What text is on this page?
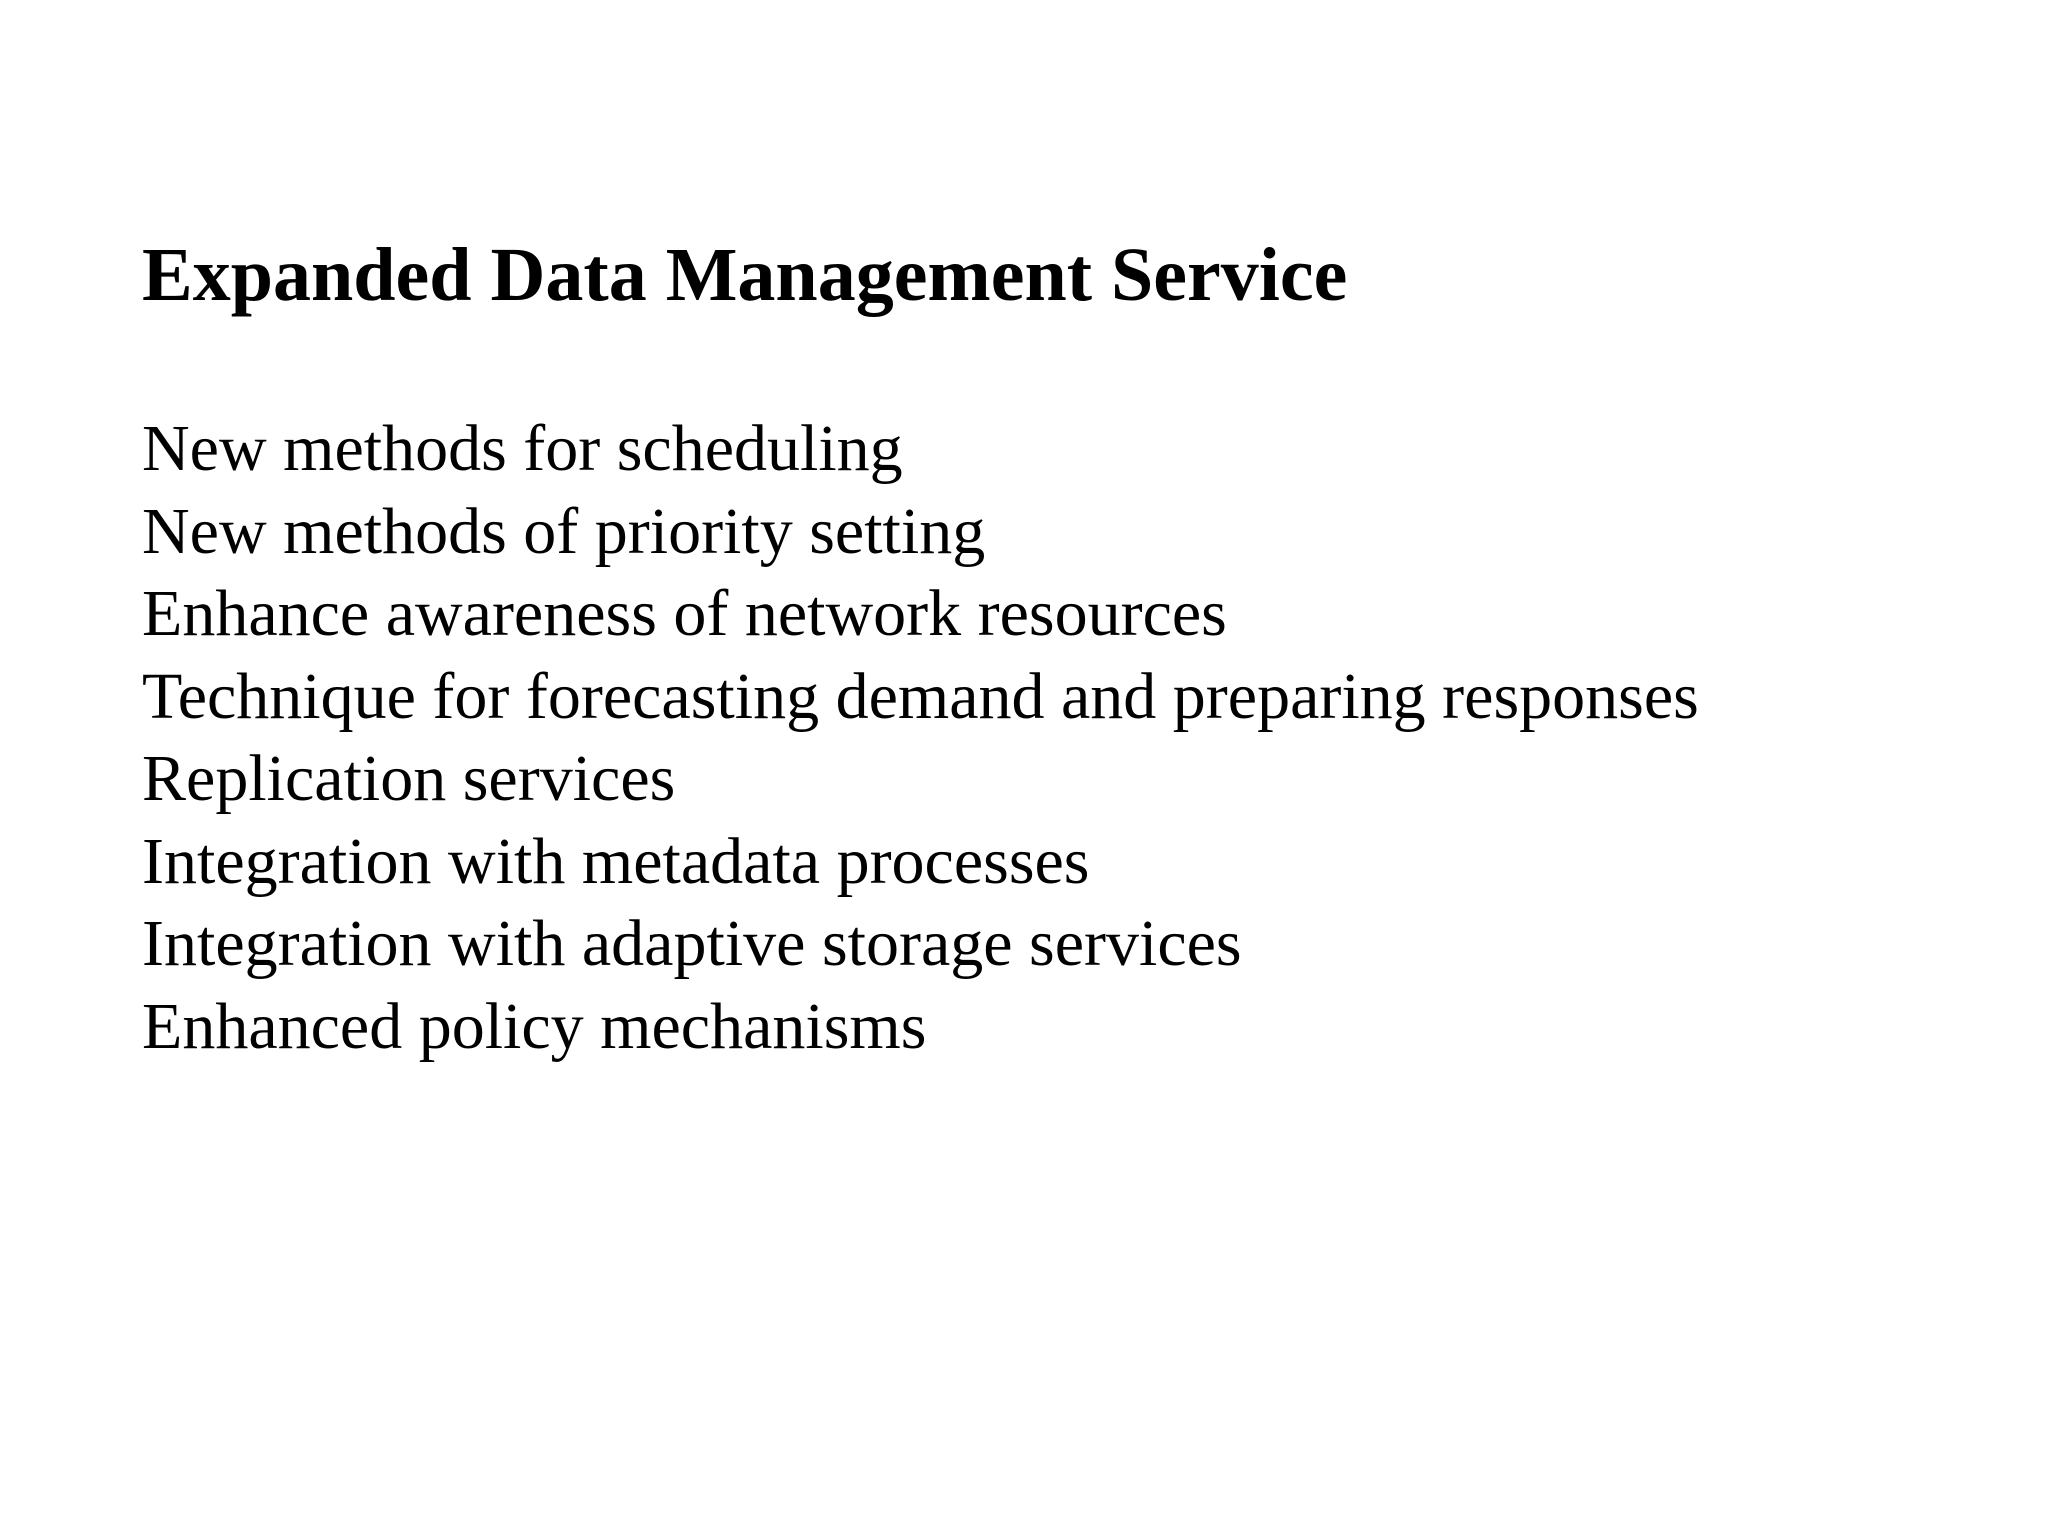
Expanded Data Management Service
New methods for scheduling
New methods of priority setting
Enhance awareness of network resources
Technique for forecasting demand and preparing responses
Replication services
Integration with metadata processes
Integration with adaptive storage services
Enhanced policy mechanisms
